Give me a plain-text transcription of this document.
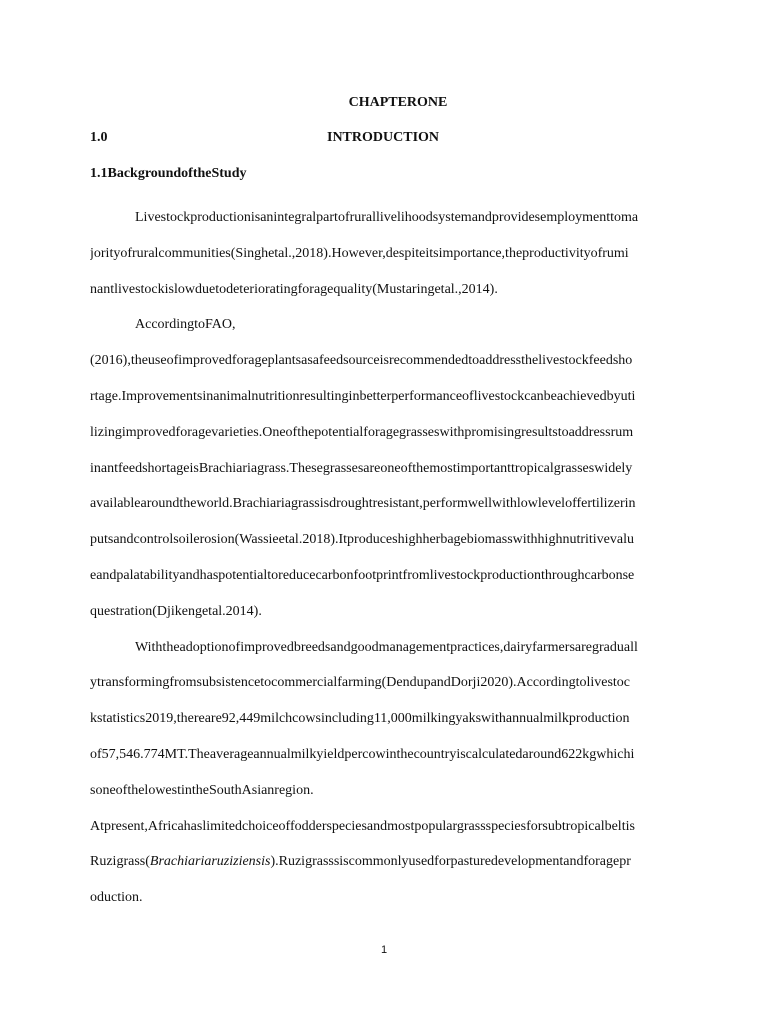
CHAPTERONE
1.0	INTRODUCTION
1.1BackgroundoftheStudy
Livestockproductionisanintegralpartofrurallivelihoodsystemandprovidesemploymenttoma
jorityofruralcommunities(Singhetal.,2018).However,despiteitsimportance,theproductivityofrumi
nantlivestockislowduetodeterioratingforagequality(Mustaringetal.,2014).
AccordingtoFAO,
(2016),theuseofimprovedforageplantsasafeedsourceisrecommendedtoaddressthelivestockfeedsho
rtage.Improvementsinanimalnutritionresultinginbetterperformanceoflivestockcanbeachievedbyuti
lizingimprovedforagevarieties.Oneofthepotentialforagegrasseswithpromisingresultstoaddressrum
inantfeedshortageisBrachiariagrass.Thesegrassesareoneofthemostimportanttropicalgrasseswidely
availablearoundtheworld.Brachiariagrassisdroughtresistant,performwellwithlowleveloffertilizerin
putsandcontrolsoilerosion(Wassieetal.2018).Itproduceshighherbagebiomasswithhighnutritivevalu
eandpalatabilityandhaspotentialtoreducecarbonfootprintfromlivestockproductionthroughcarbonse
questration(Djikengetal.2014).
Withtheadoptionofimprovedbreedsandgoodmanagementpractices,dairyfarmersaregraduall
ytransformingfromsubsistencetocommercialfarming(DendupandDorji2020).Accordingtolivestoc
kstatistics2019,thereare92,449milchcowsincluding11,000milkingyakswithannualmilkproduction
of57,546.774MT.Theaverageannualmilkyieldpercowinthecountryiscalculatedaround622kgwhichi
soneofthelowestintheSouthAsianregion.
Atpresent,Africahaslimitedchoiceoffodderspeciesandmostpopulargrassspeciesforsubtropicalbeltis
Ruzigrass(Brachiariaruziziensis).Ruzigrasssiscommonlyusedforpasturedevelopmentandforagepr
oduction.
1
